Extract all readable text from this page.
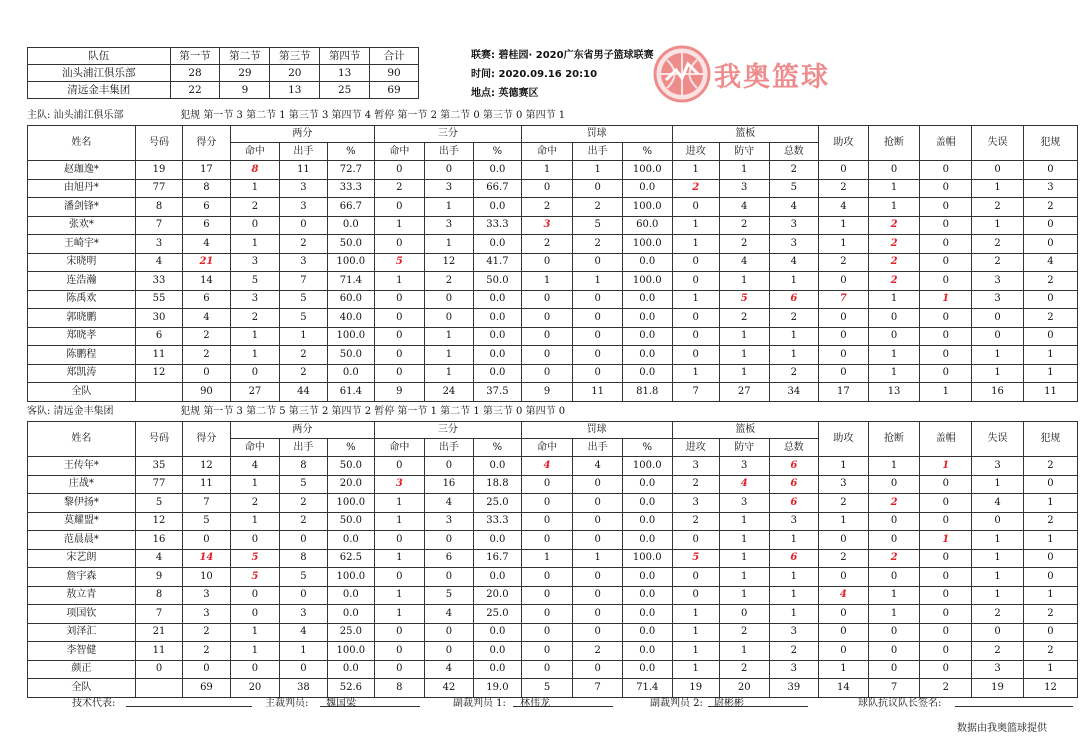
队伍	第一节	第二节	第三节	第四节	合计
汕头浦江俱乐部	28	29	20	13	90
清远金丰集团	22	9	13	25	69
联赛: 碧桂园· 2020广东省男子篮球联赛
时间: 2020.09.16 20:10
地点: 英德赛区
我奥篮球
主队: 汕头浦江俱乐部	犯规 第一节 3 第二节 1 第三节 3 第四节 4 暂停 第一节 2 第二节 0 第三节 0 第四节 1
姓名	号码	得分	两分			三分			罚球			篮板			助攻	抢断	盖帽	失误	犯规
			命中	出手	%	命中	出手	%	命中	出手	%	进攻	防守	总数					
赵珈逸*	19	17	8	11	72.7	0	0	0.0	1	1	100.0	1	1	2	0	0	0	0	0
由旭丹*	77	8	1	3	33.3	2	3	66.7	0	0	0.0	2	3	5	2	1	0	1	3
潘剑锋*	8	6	2	3	66.7	0	1	0.0	2	2	100.0	0	4	4	4	1	0	2	2
张欢*	7	6	0	0	0.0	1	3	33.3	3	5	60.0	1	2	3	1	2	0	1	0
王崎宇*	3	4	1	2	50.0	0	1	0.0	2	2	100.0	1	2	3	1	2	0	2	0
宋晓明	4	21	3	3	100.0	5	12	41.7	0	0	0.0	0	4	4	2	2	0	2	4
连浩瀚	33	14	5	7	71.4	1	2	50.0	1	1	100.0	0	1	1	0	2	0	3	2
陈禹欢	55	6	3	5	60.0	0	0	0.0	0	0	0.0	1	5	6	7	1	1	3	0
郭晓鹏	30	4	2	5	40.0	0	0	0.0	0	0	0.0	0	2	2	0	0	0	0	2
郑晓孝	6	2	1	1	100.0	0	1	0.0	0	0	0.0	0	1	1	0	0	0	0	0
陈鹏程	11	2	1	2	50.0	0	1	0.0	0	0	0.0	0	1	1	0	1	0	1	1
郑凯涛	12	0	0	2	0.0	0	1	0.0	0	0	0.0	1	1	2	0	1	0	1	1
全队		90	27	44	61.4	9	24	37.5	9	11	81.8	7	27	34	17	13	1	16	11
客队: 清远金丰集团	犯规 第一节 3 第二节 5 第三节 2 第四节 2 暂停 第一节 1 第二节 1 第三节 0 第四节 0
姓名	号码	得分	两分			三分			罚球			篮板			助攻	抢断	盖帽	失误	犯规
			命中	出手	%	命中	出手	%	命中	出手	%	进攻	防守	总数					
王传年*	35	12	4	8	50.0	0	0	0.0	4	4	100.0	3	3	6	1	1	1	3	2
庄战*	77	11	1	5	20.0	3	16	18.8	0	0	0.0	2	4	6	3	0	0	1	0
黎伊扬*	5	7	2	2	100.0	1	4	25.0	0	0	0.0	3	3	6	2	2	0	4	1
莫耀盟*	12	5	1	2	50.0	1	3	33.3	0	0	0.0	2	1	3	1	0	0	0	2
范晨晨*	16	0	0	0	0.0	0	0	0.0	0	0	0.0	0	1	1	0	0	1	1	1
宋艺朗	4	14	5	8	62.5	1	6	16.7	1	1	100.0	5	1	6	2	2	0	1	0
詹宇森	9	10	5	5	100.0	0	0	0.0	0	0	0.0	0	1	1	0	0	0	1	0
敖立青	8	3	0	0	0.0	1	5	20.0	0	0	0.0	0	1	1	4	1	0	1	1
项国钦	7	3	0	3	0.0	1	4	25.0	0	0	0.0	1	0	1	0	1	0	2	2
刘泽汇	21	2	1	4	25.0	0	0	0.0	0	0	0.0	1	2	3	0	0	0	0	0
李智健	11	2	1	1	100.0	0	0	0.0	0	2	0.0	1	1	2	0	0	0	2	2
颜正	0	0	0	0	0.0	0	4	0.0	0	0	0.0	1	2	3	1	0	0	3	1
全队		69	20	38	52.6	8	42	19.0	5	7	71.4	19	20	39	14	7	2	19	12
技术代表:	主裁判员: 魏国梁	副裁判员 1: 林伟龙	副裁判员 2: 尉彬彬	球队抗议队长签名:
数据由我奥篮球提供
